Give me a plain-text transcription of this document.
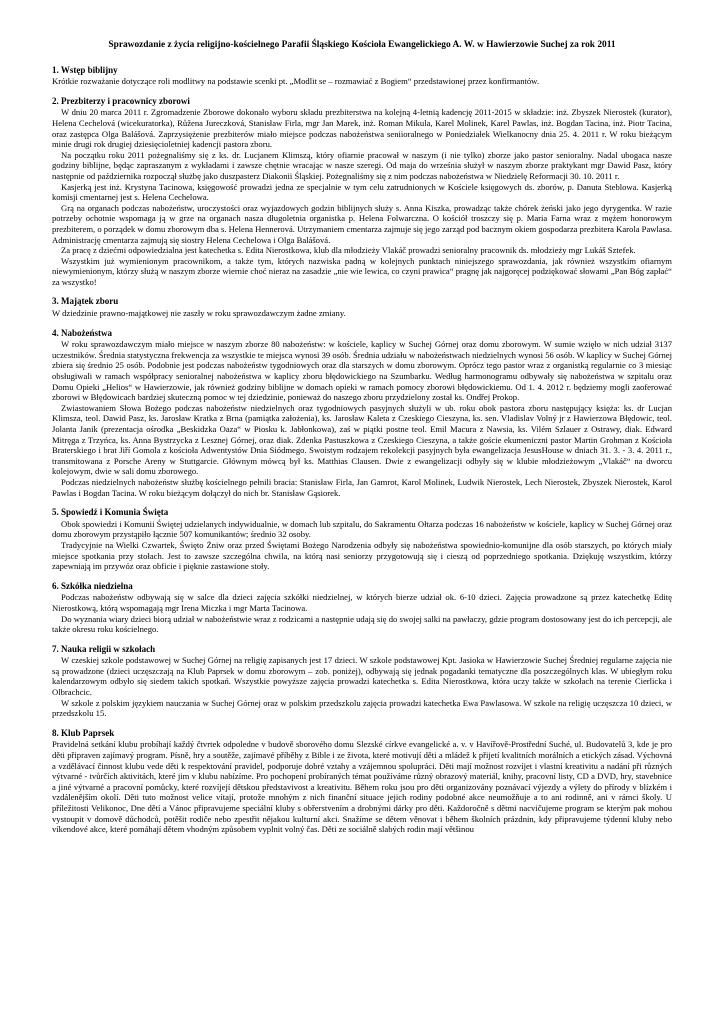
Sprawozdanie z życia religijno-kościelnego Parafii Śląskiego Kościoła Ewangelickiego A. W. w Hawierzowie Suchej za rok 2011
1. Wstęp biblijny

Krótkie rozważanie dotyczące roli modlitwy na podstawie scenki pt. „Modlit se – rozmawiać z Bogiem“ przedstawionej przez konfirmantów.

2. Prezbiterzy i pracownicy zborowi

W dniu 20 marca 2011 r. Zgromadzenie Zborowe dokonało wyboru składu prezbiterstwa na kolejną 4-letnią kadencję 2011-2015 w składzie: inż. Zbyszek Nierostek (kurator), Helena Cechelová (wicekuratorka), Růžena Jureczková, Stanisław Firla, mgr Jan Marek, inż. Roman Mikula, Karel Molinek, Karel Pawlas, inż. Bogdan Tacina, inż. Piotr Tacina, oraz zastępca Olga Balášová. Zaprzysiężenie prezbiterów miało miejsce podczas nabożeństwa seniioralnego w Poniedziałek Wielkanocny dnia 25. 4. 2011 r. W roku bieżącym minie drugi rok drugiej dziesięcioletniej kadencji pastora zboru.

Na początku roku 2011 pożegnaliśmy się z ks. dr. Lucjanem Klimszą, który ofiarnie pracował w naszym (i nie tylko) zborze jako pastor senioralny. Nadal ubogaca nasze godziny biblijne, będąc zapraszanym z wykładami i zawsze chętnie wracając w nasze szeregi. Od maja do września służył w naszym zborze praktykant mgr Dawid Pasz, który następnie od października rozpoczął służbę jako duszpasterz Diakonii Śląskiej. Pożegnaliśmy się z nim podczas nabożeństwa w Niedzielę Reformacji 30. 10. 2011 r.

Kasjerką jest inż. Krystyna Tacinowa, księgowość prowadzi jedna ze specjalnie w tym celu zatrudnionych w Kościele księgowych ds. zborów, p. Danuta Steblowa. Kasjerką komisji cmentarnej jest s. Helena Cechelowa.

Grą na organach podczas nabożeństw, uroczystości oraz wyjazdowych godzin biblijnych służy s. Anna Kiszka, prowadząc także chórek żeński jako jego dyrygentka. W razie potrzeby ochotnie wspomaga ją w grze na organach nasza długoletnia organistka p. Helena Folwarczna. O kościół troszczy się p. Maria Farna wraz z mężem honorowym prezbiterem, o porządek w domu zborowym dba s. Helena Hennerová. Utrzymaniem cmentarza zajmuje się jego zarząd pod bacznym okiem gospodarza prezbitera Karola Pawlasa. Administrację cmentarza zajmują się siostry Helena Cechelowa i Olga Balášová.

Za pracę z dziećmi odpowiedzialna jest katechetka s. Edita Nierostkowa, klub dla młodzieży Vlakáč prowadzi senioralny pracownik ds. młodzieży mgr Lukáš Sztefek.

Wszystkim już wymienionym pracownikom, a także tym, których nazwiska padną w kolejnych punktach niniejszego sprawozdania, jak również wszystkim ofiarnym niewymienionym, którzy służą w naszym zborze wiernie choć nieraz na zasadzie „nie wie lewica, co czyni prawica“ pragnę jak najgoręcej podziękować słowami „Pan Bóg zapłać“ za wszystko!

3. Majątek zboru

W dziedzinie prawno-majątkowej nie zaszły w roku sprawozdawczym żadne zmiany.

4. Nabożeństwa

W roku sprawozdawczym miało miejsce w naszym zborze 80 nabożeństw: w kościele, kaplicy w Suchej Górnej oraz domu zborowym. W sumie wzięło w nich udział 3137 uczestników. Średnia statystyczna frekwencja za wszystkie te miejsca wynosi 39 osób. Średnia udziału w nabożeństwach niedzielnych wynosi 56 osób. W kaplicy w Suchej Górnej zbiera się średnio 25 osób. Podobnie jest podczas nabożeństw tygodniowych oraz dla starszych w domu zborowym. Oprócz tego pastor wraz z organistką regularnie co 3 miesiąc obsługiwali w ramach współpracy senioralnej nabożeństwa w kaplicy zboru błędowickiego na Szumbarku. Według harmonogramu odbywały się nabożeństwa w szpitalu oraz Domu Opieki „Helios“ w Hawierzowie, jak również godziny biblijne w domach opieki w ramach pomocy zborowi błędowickiemu. Od 1. 4. 2012 r. będziemy mogli zaoferować zborowi w Błędowicach bardziej skuteczną pomoc w tej dziedzinie, ponieważ do naszego zboru przydzielony został ks. Ondřej Prokop.

Zwiastowaniem Słowa Bożego podczas nabożeństw niedzielnych oraz tygodniowych pasyjnych służyli w ub. roku obok pastora zboru następujący księża: ks. dr Lucjan Klimsza, teol. Dawid Pasz, ks. Jarosław Kratka z Brna (pamiątka założenia), ks. Jarosław Kaleta z Czeskiego Cieszyna, ks. sen. Vladislav Volný jr z Hawierzowa Błędowic, teol. Jolanta Janik (prezentacja ośrodka „Beskidzka Oaza“ w Piosku k. Jabłonkowa), zaś w piątki postne teol. Emil Macura z Nawsia, ks. Vilém Szlauer z Ostrawy, diak. Edward Mitręga z Trzyńca, ks. Anna Bystrzycka z Lesznej Górnej, oraz diak. Zdenka Pastuszkowa z Czeskiego Cieszyna, a także goście ekumeniczni pastor Martin Grohman z Kościoła Braterskiego i brat Jiří Gomola z kościoła Adwentystów Dnia Siódmego. Swoistym rodzajem rekolekcji pasyjnych była ewangelizacja JesusHouse w dniach 31. 3. - 3. 4. 2011 r., transmitowana z Porsche Areny w Stuttgarcie. Głównym mówcą był ks. Matthias Clausen. Dwie z ewangelizacji odbyły się w klubie młodzieżowym „Vlakáč“ na dworcu kolejowym, dwie w sali domu zborowego.

Podczas niedzielnych nabożeństw służbę kościelnego pełnili bracia: Stanisław Firla, Jan Gamrot, Karol Molinek, Ludwik Nierostek, Lech Nierostek, Zbyszek Nierostek, Karol Pawlas i Bogdan Tacina. W roku bieżącym dołączył do nich br. Stanisław Gąsiorek.

5. Spowiedź i Komunia Święta

Obok spowiedzi i Komunii Świętej udzielanych indywidualnie, w domach lub szpitalu, do Sakramentu Ołtarza podczas 16 nabożeństw w kościele, kaplicy w Suchej Górnej oraz domu zborowym przystąpiło łącznie 507 komunikantów; średnio 32 osoby.

Tradycyjnie na Wielki Czwartek, Święto Żniw oraz przed Świętami Bożego Narodzenia odbyły się nabożeństwa spowiedniо-komunijne dla osób starszych, po których miały miejsce spotkania przy stołach. Jest to zawsze szczególna chwila, na którą nasi seniorzy przygotowują się i cieszą od poprzedniego spotkania. Dziękuję wszystkim, którzy zapewniają im przywóz oraz obficie i pięknie zastawione stoły.

6. Szkółka niedzielna

Podczas nabożeństw odbywają się w salce dla dzieci zajęcia szkółki niedzielnej, w których bierze udział ok. 6-10 dzieci. Zajęcia prowadzone są przez katechetkę Editę Nierostkową, którą wspomagają mgr Irena Miczka i mgr Marta Tacinowa.

Do wyznania wiary dzieci biorą udział w nabożeństwie wraz z rodzicami a następnie udają się do swojej salki na pawłaczy, gdzie program dostosowany jest do ich percepcji, ale także okresu roku kościelnego.

7. Nauka religii w szkołach

W czeskiej szkole podstawowej w Suchej Górnej na religię zapisanych jest 17 dzieci. W szkole podstawowej Kpt. Jasioka w Hawierzowie Suchej Średniej regularne zajęcia nie są prowadzone (dzieci uczęszczają na Klub Paprsek w domu zborowym – zob. poniżej), odbywają się jednak pogadanki tematyczne dla poszczególnych klas. W ubiegłym roku kalendarzowym odbyło się siedem takich spotkań. Wszystkie powyższe zajęcia prowadzi katechetka s. Edita Nierostkowa, która uczy także w szkołach na terenie Cierlicka i Olbrachcic.

W szkole z polskim językiem nauczania w Suchej Górnej oraz w polskim przedszkolu zajęcia prowadzi katechetka Ewa Pawlasowa. W szkole na religię uczęszcza 10 dzieci, w przedszkolu 15.

8. Klub Paprsek

Pravidelná setkání klubu probíhají každý čtvrtek odpoledne v budově sborového domu Slezské církve evangelické a. v. v Havířově-Prostřední Suché, ul. Budovatelů 3, kde je pro děti připraven zajímavý program. Písně, hry a soutěže, zajímavé příběhy z Bible i ze života, které motivují děti a mládež k přijetí kvalitních morálních a etických zásad. Výchovná a vzdělávací činnost klubu vede děti k respektování pravidel, podporuje dobré vztahy a vzájemnou spolupráci. Děti mají možnost rozvíjet i vlastní kreativitu a nadání při různých výtvarné - tvůrčích aktivitách, které jim v klubu nabízíme. Pro pochopení probíraných témat používáme různý obrazový materiál, knihy, pracovní listy, CD a DVD, hry, stavebnice a jiné výtvarné a pracovní pomůcky, které rozvíjejí dětskou představivost a kreativitu. Během roku jsou pro děti organizovány poznávací výjezdy a výlety do přírody v blízkém i vzdálenějším okolí. Děti tuto možnost velice vítají, protože mnohým z nich finanční situace jejich rodiny podobné akce neumožňuje a to ani rodinně, ani v rámci školy. U příležitosti Velikonoc, Dne dětí a Vánoc připravujeme speciální kluby s obřerstvením a drobnými dárky pro děti. Každoročně s dětmi nacvičujeme program se kterým pak mohou vystoupit v domově důchodců, potěšit rodiče nebo zpestřit nějakou kulturní akci. Snažíme se dětem věnovat i během školních prázdnin, kdy připravujeme týdenní kluby nebo víkendové akce, které pomáhají dětem vhodným způsobem vyplnit volný čas. Děti ze sociálně slabých rodin mají většinou
